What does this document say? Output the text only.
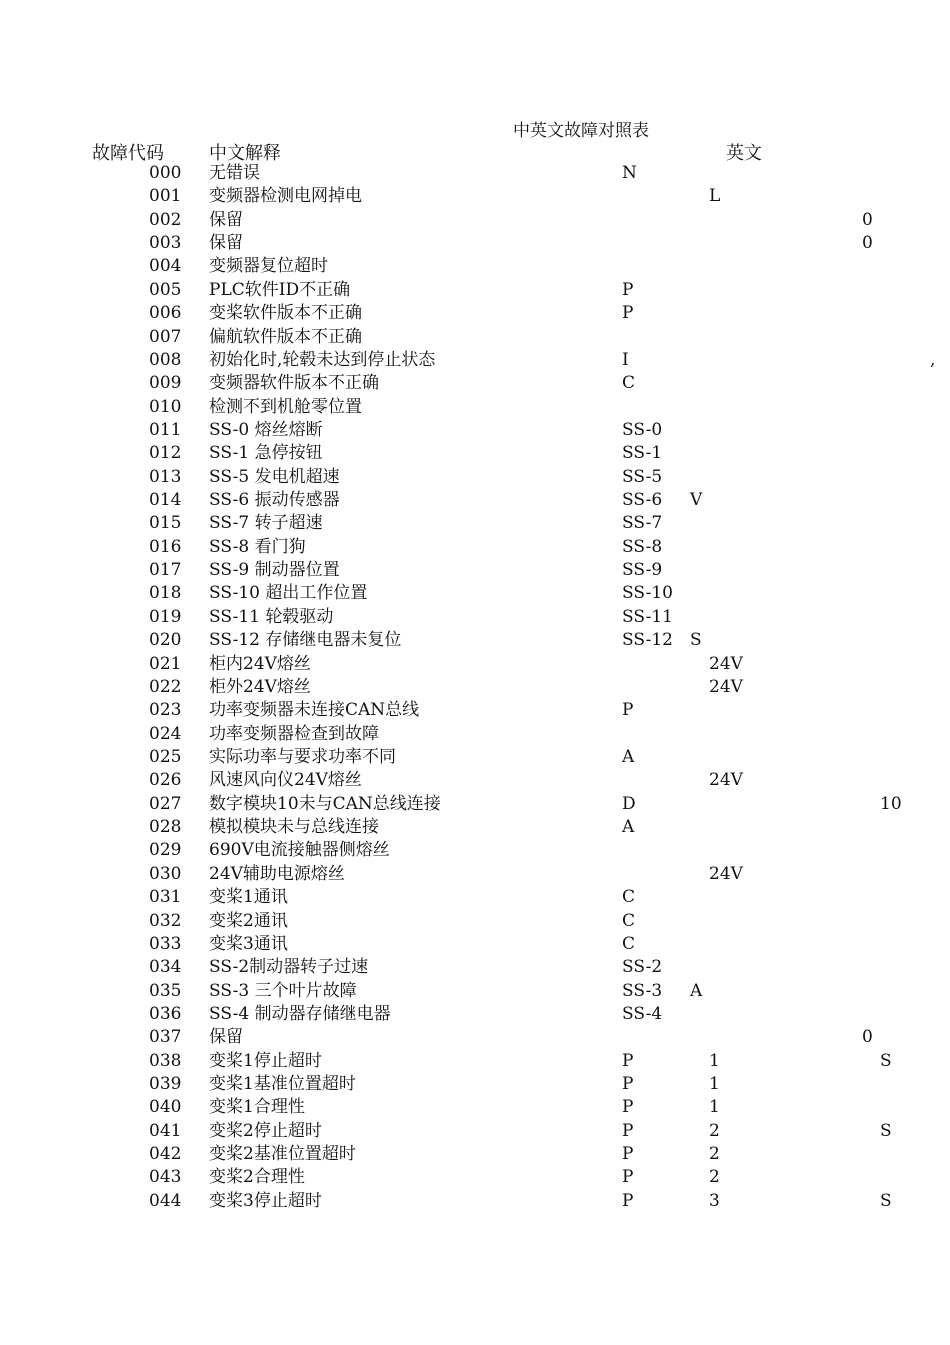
中英文故障对照表
故障代码	中文解释	英文
000 无错误	N
001 变频器检测电网掉电	L
002 保留	0
003 保留	0
004 变频器复位超时
005 PLC软件ID不正确	P
006 变桨软件版本不正确	P
007 偏航软件版本不正确
008 初始化时,轮毂未达到停止状态	I	,
009 变频器软件版本不正确	C
010 检测不到机舱零位置
011 SS-0 熔丝熔断	SS-0
012 SS-1 急停按钮	SS-1
013 SS-5 发电机超速	SS-5
014 SS-6 振动传感器	SS-6 V
015 SS-7 转子超速	SS-7
016 SS-8 看门狗	SS-8
017 SS-9 制动器位置	SS-9
018 SS-10 超出工作位置	SS-10
019 SS-11 轮毂驱动	SS-11
020 SS-12 存储继电器未复位	SS-12 S
021 柜内24V熔丝	24V
022 柜外24V熔丝	24V
023 功率变频器未连接CAN总线	P
024 功率变频器检查到故障
025 实际功率与要求功率不同	A
026 风速风向仪24V熔丝	24V
027 数字模块10未与CAN总线连接	D	10
028 模拟模块未与总线连接	A
029 690V电流接触器侧熔丝
030 24V辅助电源熔丝	24V
031 变桨1通讯	C
032 变桨2通讯	C
033 变桨3通讯	C
034 SS-2制动器转子过速	SS-2
035 SS-3 三个叶片故障	SS-3 A
036 SS-4 制动器存储继电器	SS-4
037 保留	0
038 变桨1停止超时	P	1	S
039 变桨1基准位置超时	P	1
040 变桨1合理性	P	1
041 变桨2停止超时	P	2	S
042 变桨2基准位置超时	P	2
043 变桨2合理性	P	2
044 变桨3停止超时	P	3	S
